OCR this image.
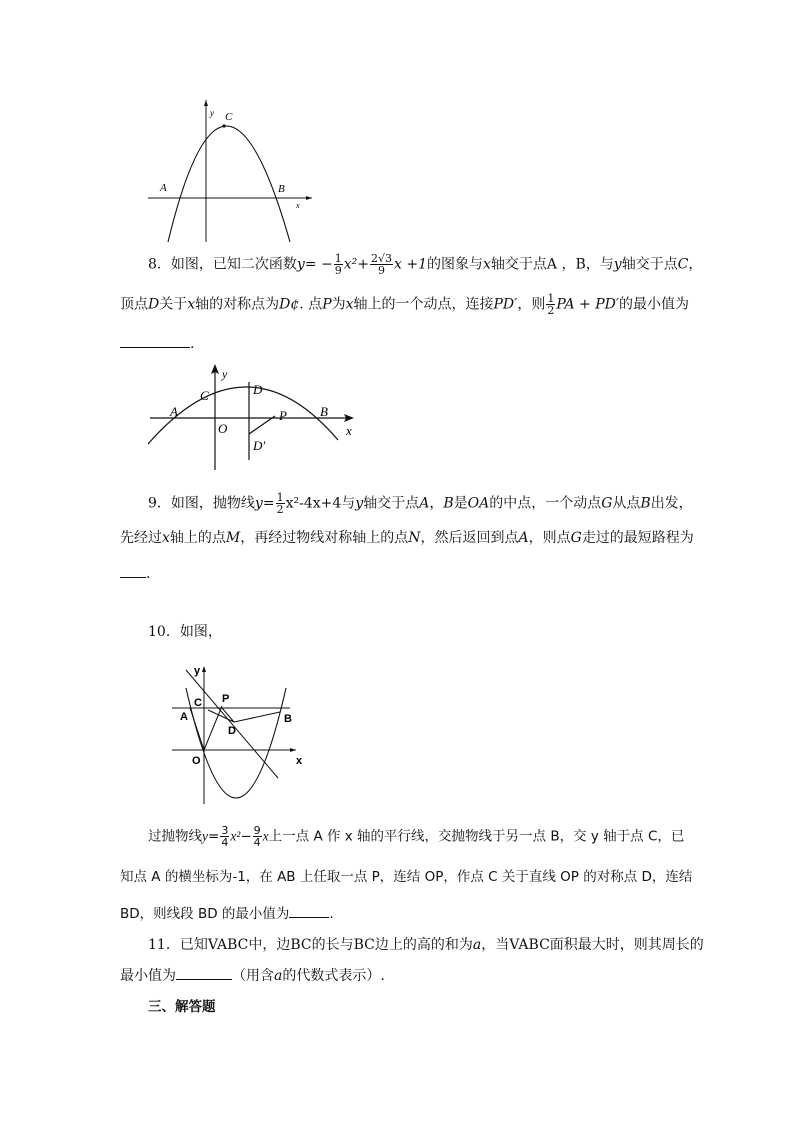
y C
A	B
x
8．如图，已知二次函数$y= - \frac{1}{9} x^2+ \frac{2√3}{9}$ x +1的图象与x轴交于点A ，B，与y轴交于点C，
顶点D关于x轴的对称点为D¢. 点P为x轴上的一个动点，连接PD′，则 $\frac{1}{2}$ PA + PD′的最小值为
.
y
C	D
A	P	B
O
D′
x
9．如图，抛物线$y= \frac{1}{2} x^2-4x+4$与y轴交于点A，B是OA的中点，一个动点G从点B出发，
先经过x轴上的点M，再经过物线对称轴上的点N，然后返回到点A，则点G走过的最短路程为
.
10．如图，
y
C P
A	B
D
O	x
过抛物线$y= \frac{3}{4} x^2- \frac{9}{4}$ x上一点 A 作 x 轴的平行线，交抛物线于另一点 B，交 y 轴于点 C，已
知点 A 的横坐标为-1，在 AB 上任取一点 P，连结 OP，作点 C 关于直线 OP 的对称点 D，连结
BD，则线段 BD 的最小值为	.
11．已知VABC中，边BC的长与BC边上的高的和为a，当VABC面积最大时，则其周长的
最小值为	（用含a的代数式表示）.
三、解答题
